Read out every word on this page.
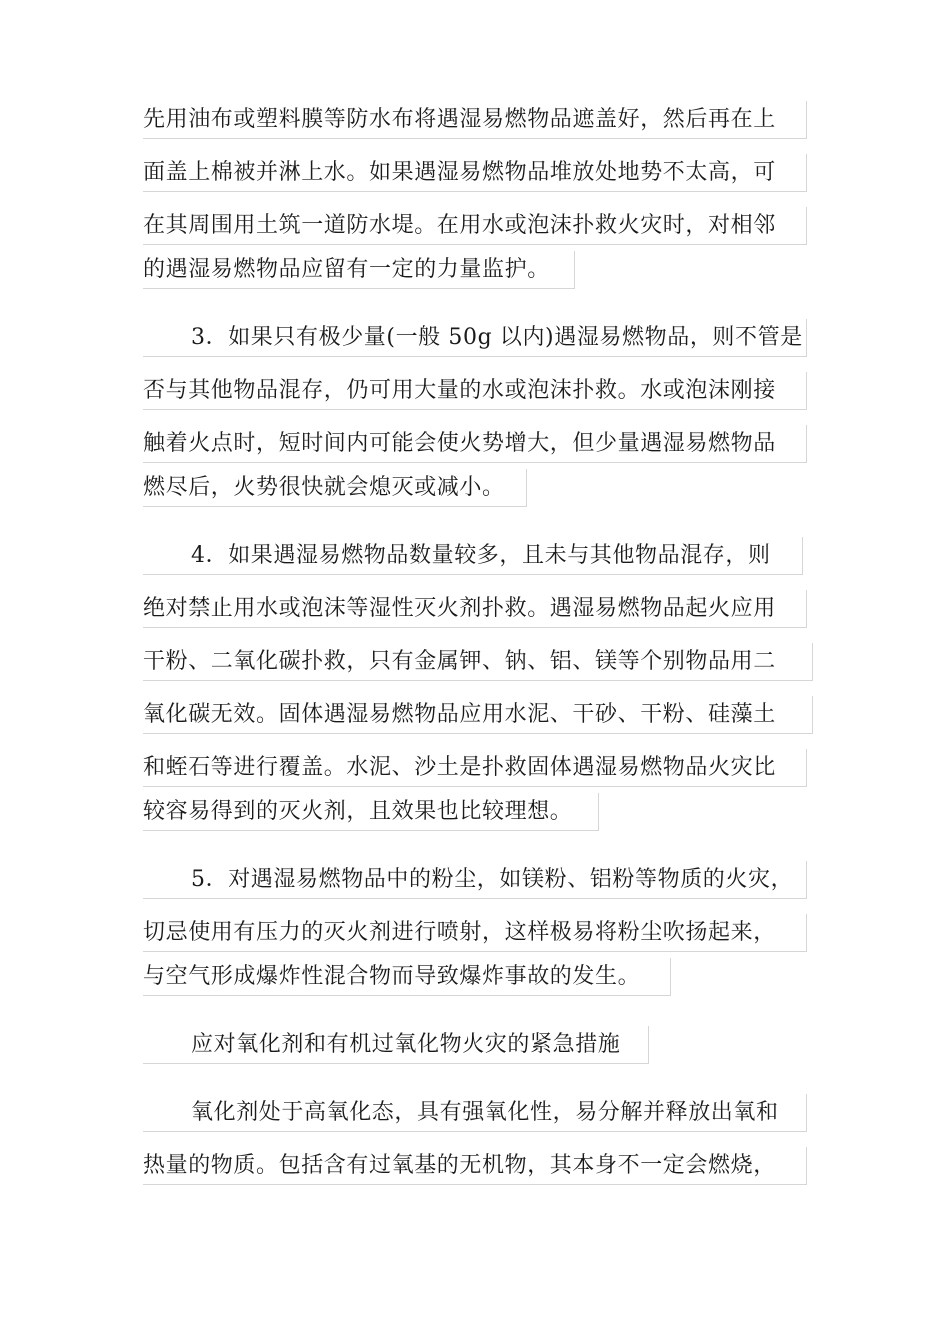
先用油布或塑料膜等防水布将遇湿易燃物品遮盖好，然后再在上
面盖上棉被并淋上水。如果遇湿易燃物品堆放处地势不太高，可
在其周围用土筑一道防水堤。在用水或泡沫扑救火灾时，对相邻
的遇湿易燃物品应留有一定的力量监护。
3．如果只有极少量(一般 50g 以内)遇湿易燃物品，则不管是
否与其他物品混存，仍可用大量的水或泡沫扑救。水或泡沫刚接
触着火点时，短时间内可能会使火势增大，但少量遇湿易燃物品
燃尽后，火势很快就会熄灭或减小。
4．如果遇湿易燃物品数量较多，且未与其他物品混存，则
绝对禁止用水或泡沫等湿性灭火剂扑救。遇湿易燃物品起火应用
干粉、二氧化碳扑救，只有金属钾、钠、铝、镁等个别物品用二
氧化碳无效。固体遇湿易燃物品应用水泥、干砂、干粉、硅藻土
和蛭石等进行覆盖。水泥、沙土是扑救固体遇湿易燃物品火灾比
较容易得到的灭火剂，且效果也比较理想。
5．对遇湿易燃物品中的粉尘，如镁粉、铝粉等物质的火灾，
切忌使用有压力的灭火剂进行喷射，这样极易将粉尘吹扬起来，
与空气形成爆炸性混合物而导致爆炸事故的发生。
应对氧化剂和有机过氧化物火灾的紧急措施
氧化剂处于高氧化态，具有强氧化性，易分解并释放出氧和
热量的物质。包括含有过氧基的无机物，其本身不一定会燃烧，
